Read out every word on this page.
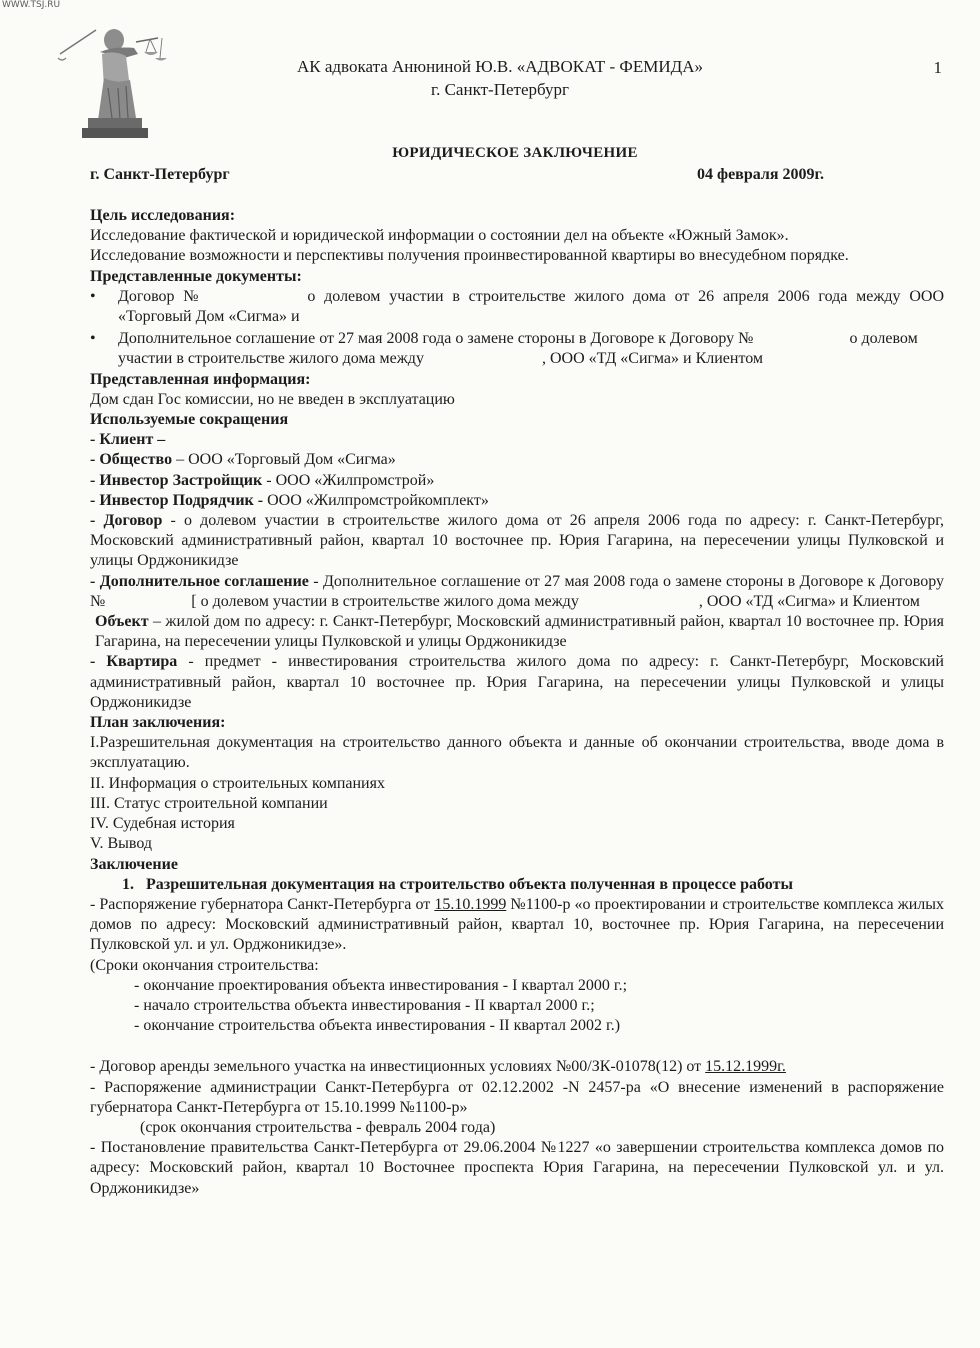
WWW.TSJ.RU
АК адвоката Анюниной Ю.В. «АДВОКАТ - ФЕМИДА»
г. Санкт-Петербург
1
ЮРИДИЧЕСКОЕ ЗАКЛЮЧЕНИЕ
г. Санкт-Петербург	04 февраля 2009г.

Цель исследования:

Исследование фактической и юридической информации о состоянии дел на объекте «Южный Замок».

Исследование возможности и перспективы получения проинвестированной квартиры во внесудебном порядке.

Представленные документы:

• Договор №	о долевом участии в строительстве жилого дома от 26 апреля 2006 года между ООО «Торговый Дом «Сигма» и

• Дополнительное соглашение от 27 мая 2008 года о замене стороны в Договоре к Договору №	о долевом участии в строительстве жилого дома между	, ООО «ТД «Сигма» и Клиентом

Представленная информация:

Дом сдан Гос комиссии, но не введен в эксплуатацию

Используемые сокращения

- Клиент –

- Общество – ООО «Торговый Дом «Сигма»

- Инвестор Застройщик - ООО «Жилпромстрой»

- Инвестор Подрядчик - ООО «Жилпромстройкомплект»

- Договор - о долевом участии в строительстве жилого дома от 26 апреля 2006 года по адресу: г. Санкт-Петербург, Московский административный район, квартал 10 восточнее пр. Юрия Гагарина, на пересечении улицы Пулковской и улицы Орджоникидзе

- Дополнительное соглашение - Дополнительное соглашение от 27 мая 2008 года о замене стороны в Договоре к Договору №	[ о долевом участии в строительстве жилого дома между	, ООО «ТД «Сигма» и Клиентом

Объект – жилой дом по адресу: г. Санкт-Петербург, Московский административный район, квартал 10 восточнее пр. Юрия Гагарина, на пересечении улицы Пулковской и улицы Орджоникидзе

- Квартира - предмет - инвестирования строительства жилого дома по адресу: г. Санкт-Петербург, Московский административный район, квартал 10 восточнее пр. Юрия Гагарина, на пересечении улицы Пулковской и улицы Орджоникидзе

План заключения:

I.Разрешительная документация на строительство данного объекта и данные об окончании строительства, вводе дома в эксплуатацию.

II. Информация о строительных компаниях

III. Статус строительной компании

IV. Судебная история

V. Вывод

Заключение

1. Разрешительная документация на строительство объекта полученная в процессе работы

- Распоряжение губернатора Санкт-Петербурга от 15.10.1999 №1100-р «о проектировании и строительстве комплекса жилых домов по адресу: Московский административный район, квартал 10, восточнее пр. Юрия Гагарина, на пересечении Пулковской ул. и ул. Орджоникидзе».

(Сроки окончания строительства:

- окончание проектирования объекта инвестирования - I квартал 2000 г.;

- начало строительства объекта инвестирования - II квартал 2000 г.;

- окончание строительства объекта инвестирования - II квартал 2002 г.)

- Договор аренды земельного участка на инвестиционных условиях №00/ЗК-01078(12) от 15.12.1999г.

- Распоряжение администрации Санкт-Петербурга от 02.12.2002 -N 2457-ра «О внесение изменений в распоряжение губернатора Санкт-Петербурга от 15.10.1999 №1100-р»

(срок окончания строительства - февраль 2004 года)

- Постановление правительства Санкт-Петербурга от 29.06.2004 №1227 «о завершении строительства комплекса домов по адресу: Московский район, квартал 10 Восточнее проспекта Юрия Гагарина, на пересечении Пулковской ул. и ул. Орджоникидзе»
